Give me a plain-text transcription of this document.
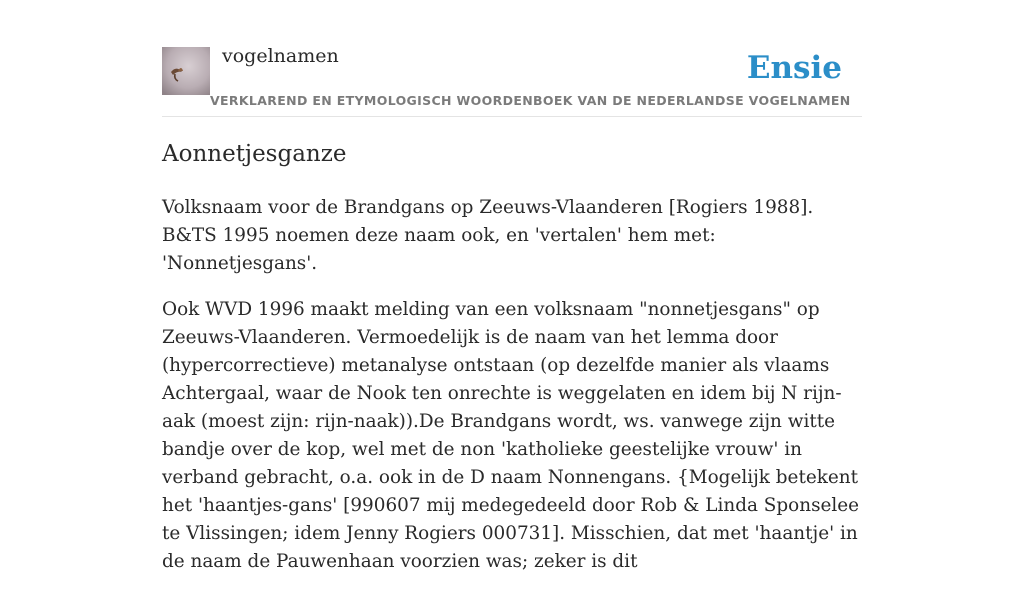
vogelnamen
VERKLAREND EN ETYMOLOGISCH WOORDENBOEK VAN DE NEDERLANDSE VOGELNAMEN
Ensie
Aonnetjesganze

Volksnaam voor de Brandgans op Zeeuws-Vlaanderen [Rogiers 1988]. B&TS 1995 noemen deze naam ook, en 'vertalen' hem met: 'Nonnetjesgans'.

Ook WVD 1996 maakt melding van een volksnaam "nonnetjesgans" op Zeeuws-Vlaanderen. Vermoedelijk is de naam van het lemma door (hypercorrectieve) metanalyse ontstaan (op dezelfde manier als vlaams Achtergaal, waar de Nook ten onrechte is weggelaten en idem bij N rijn-aak (moest zijn: rijn-naak)).De Brandgans wordt, ws. vanwege zijn witte bandje over de kop, wel met de non 'katholieke geestelijke vrouw' in verband gebracht, o.a. ook in de D naam Nonnengans. {Mogelijk betekent het 'haantjes-gans' [990607 mij medegedeeld door Rob & Linda Sponselee te Vlissingen; idem Jenny Rogiers 000731]. Misschien, dat met 'haantje' in de naam de Pauwenhaan voorzien was; zeker is dit
